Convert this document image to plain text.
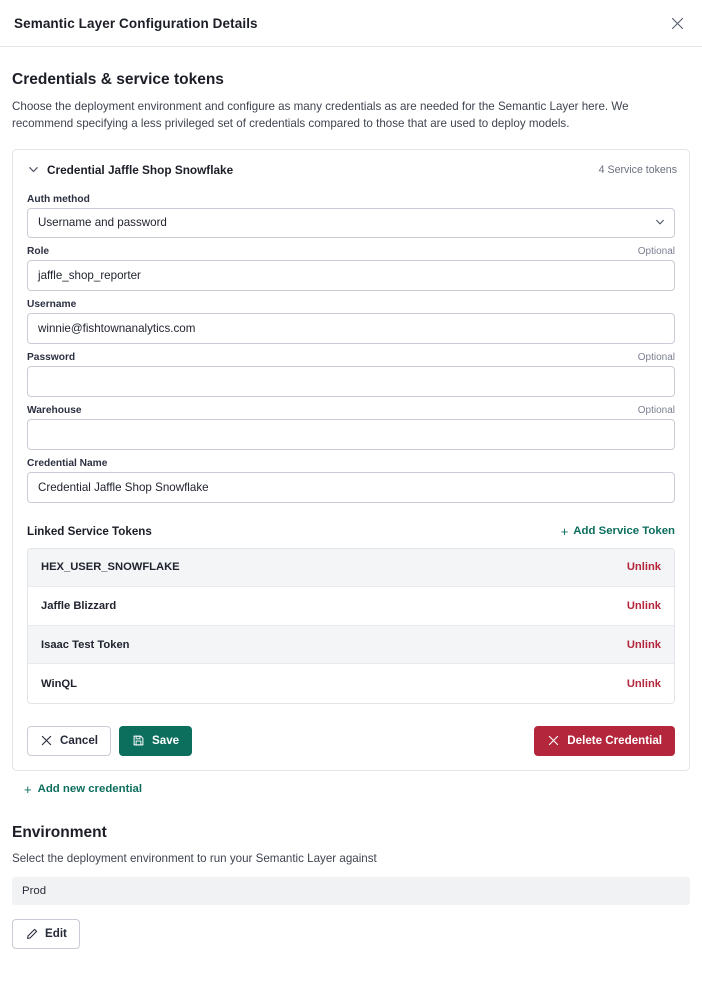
Semantic Layer Configuration Details
Credentials & service tokens

Choose the deployment environment and configure as many credentials as are needed for the Semantic Layer here. We recommend specifying a less privileged set of credentials compared to those that are used to deploy models.

Credential Jaffle Shop Snowflake	4 Service tokens
Auth method
Username and password
Role	Optional
jaffle_shop_reporter
Username
winnie@fishtownanalytics.com
Password	Optional
Warehouse	Optional
Credential Name
Credential Jaffle Shop Snowflake
Linked Service Tokens	+ Add Service Token
HEX_USER_SNOWFLAKE	Unlink
Jaffle Blizzard	Unlink
Isaac Test Token	Unlink
WinQL	Unlink
Cancel	Save	Delete Credential
+ Add new credential
Environment

Select the deployment environment to run your Semantic Layer against

Prod
Edit
